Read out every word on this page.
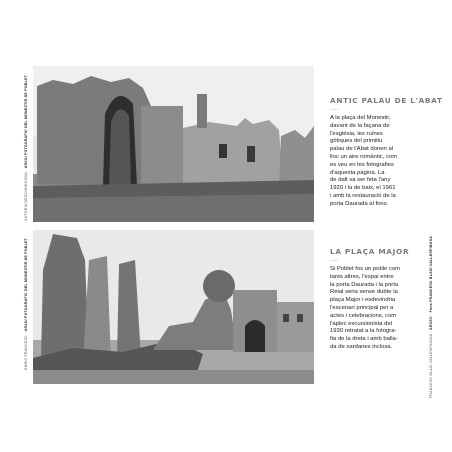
AUTORIA DESCONEGUDA · ARXIU FOTOGRÀFIC DEL MONESTIR DE POBLET
ENRIC FRANCESC · ARXIU FOTOGRÀFIC DEL MONESTIR DE POBLET
FRANCESC BLASI VALLESPINOSA · ARCEC · Fons FRANCESC BLASI VALLESPINOSA
ANTIC PALAU DE L'ABAT
----
A la plaça del Monestir,
davant de la façana de
l'església, les ruïnes
gòtiques del primitiu
palau de l'Abat donen al
lloc un aire romàntic, com
es veu en les fotografies
d'aquesta pàgina. La
de dalt va ser feta l'any
1920 i la de baix, el 1961
i amb la restauració de la
porta Daurada al fons.
LA PLAÇA MAJOR
----
Si Poblet fos un poble com
tants altres, l'espai entre
la porta Daurada i la porta
Reial seria sense dubte la
plaça Major i esdevindria
l'escenari principal per a
actes i celebracions, com
l'aplec excursionista del
1930 retratat a la fotogra-
fia de la dreta i amb balla-
da de sardanes inclosa.
